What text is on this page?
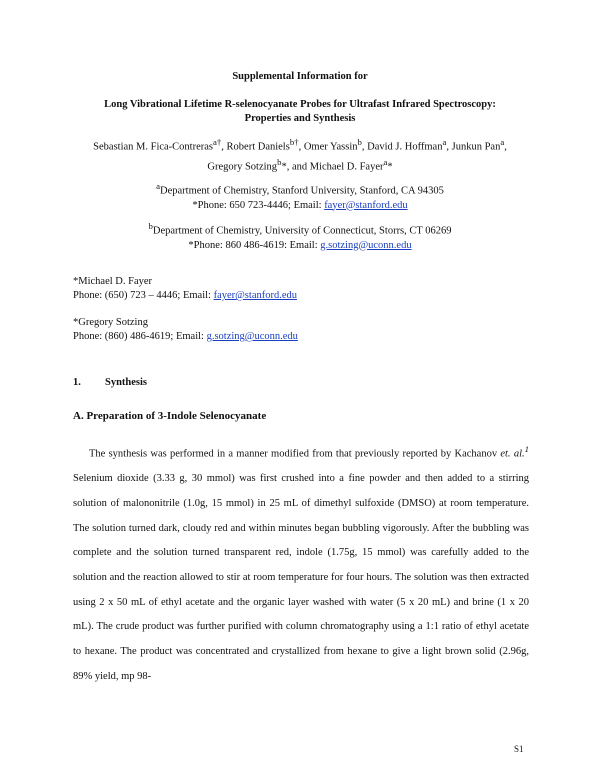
Supplemental Information for
Long Vibrational Lifetime R-selenocyanate Probes for Ultrafast Infrared Spectroscopy:
Properties and Synthesis
Sebastian M. Fica-Contreras$^{a\dagger}$, Robert Daniels$^{b\dagger}$, Omer Yassin$^b$, David J. Hoffman$^a$, Junkun Pan$^a$,
Gregory Sotzing$^b$*, and Michael D. Fayer$^a$*
$^a$Department of Chemistry, Stanford University, Stanford, CA 94305
*Phone: 650 723-4446; Email: fayer@stanford.edu
$^b$Department of Chemistry, University of Connecticut, Storrs, CT 06269
*Phone: 860 486-4619: Email: g.sotzing@uconn.edu
*Michael D. Fayer
Phone: (650) 723 – 4446; Email: fayer@stanford.edu
*Gregory Sotzing
Phone: (860) 486-4619; Email: g.sotzing@uconn.edu
1. Synthesis
A. Preparation of 3-Indole Selenocyanate
The synthesis was performed in a manner modified from that previously reported by Kachanov et. al.$^1$ Selenium dioxide (3.33 g, 30 mmol) was first crushed into a fine powder and then added to a stirring solution of malononitrile (1.0g, 15 mmol) in 25 mL of dimethyl sulfoxide (DMSO) at room temperature. The solution turned dark, cloudy red and within minutes began bubbling vigorously. After the bubbling was complete and the solution turned transparent red, indole (1.75g, 15 mmol) was carefully added to the solution and the reaction allowed to stir at room temperature for four hours. The solution was then extracted using 2 x 50 mL of ethyl acetate and the organic layer washed with water (5 x 20 mL) and brine (1 x 20 mL). The crude product was further purified with column chromatography using a 1:1 ratio of ethyl acetate to hexane. The product was concentrated and crystallized from hexane to give a light brown solid (2.96g, 89% yield, mp 98-
S1
